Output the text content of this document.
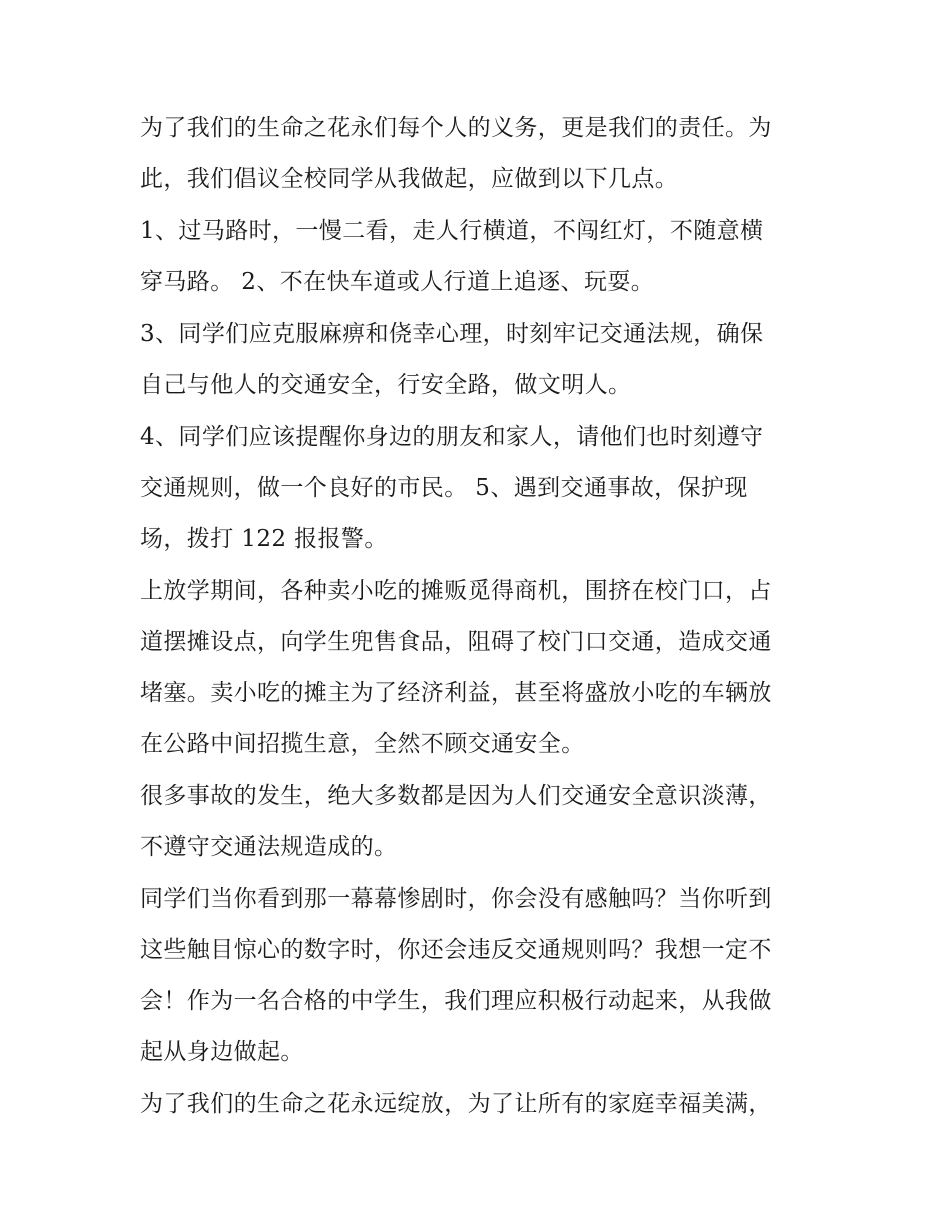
为了我们的生命之花永们每个人的义务，更是我们的责任。为
此，我们倡议全校同学从我做起，应做到以下几点。
1、过马路时，一慢二看，走人行横道，不闯红灯，不随意横
穿马路。 2、不在快车道或人行道上追逐、玩耍。
3、同学们应克服麻痹和侥幸心理，时刻牢记交通法规，确保
自己与他人的交通安全，行安全路，做文明人。
4、同学们应该提醒你身边的朋友和家人，请他们也时刻遵守
交通规则，做一个良好的市民。 5、遇到交通事故，保护现
场，拨打 122 报报警。
上放学期间，各种卖小吃的摊贩觅得商机，围挤在校门口，占
道摆摊设点，向学生兜售食品，阻碍了校门口交通，造成交通
堵塞。卖小吃的摊主为了经济利益，甚至将盛放小吃的车辆放
在公路中间招揽生意，全然不顾交通安全。
很多事故的发生，绝大多数都是因为人们交通安全意识淡薄，
不遵守交通法规造成的。
同学们当你看到那一幕幕惨剧时，你会没有感触吗？当你听到
这些触目惊心的数字时，你还会违反交通规则吗？我想一定不
会！作为一名合格的中学生，我们理应积极行动起来，从我做
起从身边做起。
为了我们的生命之花永远绽放，为了让所有的家庭幸福美满，
